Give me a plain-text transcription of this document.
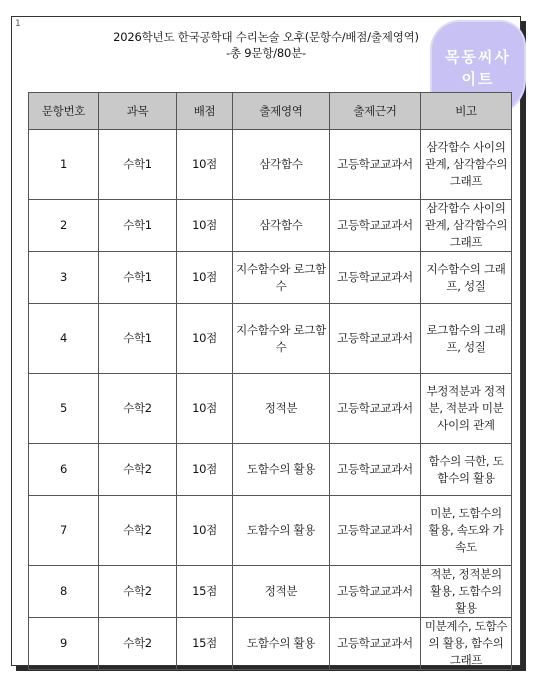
1
2026학년도 한국공학대 수리논술 오후(문항수/배점/출제영역)
-총 9문항/80분-	목동씨사
이트
문항번호	과목	배점	출제영역	출제근거	비고
1	수학1	10점	삼각함수	고등학교교과서	삼각함수 사이의 관계, 삼각함수의 그래프
2	수학1	10점	삼각함수	고등학교교과서	삼각함수 사이의 관계, 삼각함수의 그래프
3	수학1	10점	지수함수와 로그함수	고등학교교과서	지수함수의 그래프, 성질
4	수학1	10점	지수함수와 로그함수	고등학교교과서	로그함수의 그래프, 성질
5	수학2	10점	정적분	고등학교교과서	부정적분과 정적분, 적분과 미분 사이의 관계
6	수학2	10점	도함수의 활용	고등학교교과서	함수의 극한, 도함수의 활용
7	수학2	10점	도함수의 활용	고등학교교과서	미분, 도함수의 활용, 속도와 가속도
8	수학2	15점	정적분	고등학교교과서	적분, 정적분의 활용, 도함수의 활용
9	수학2	15점	도함수의 활용	고등학교교과서	미분계수, 도함수의 활용, 함수의 그래프
